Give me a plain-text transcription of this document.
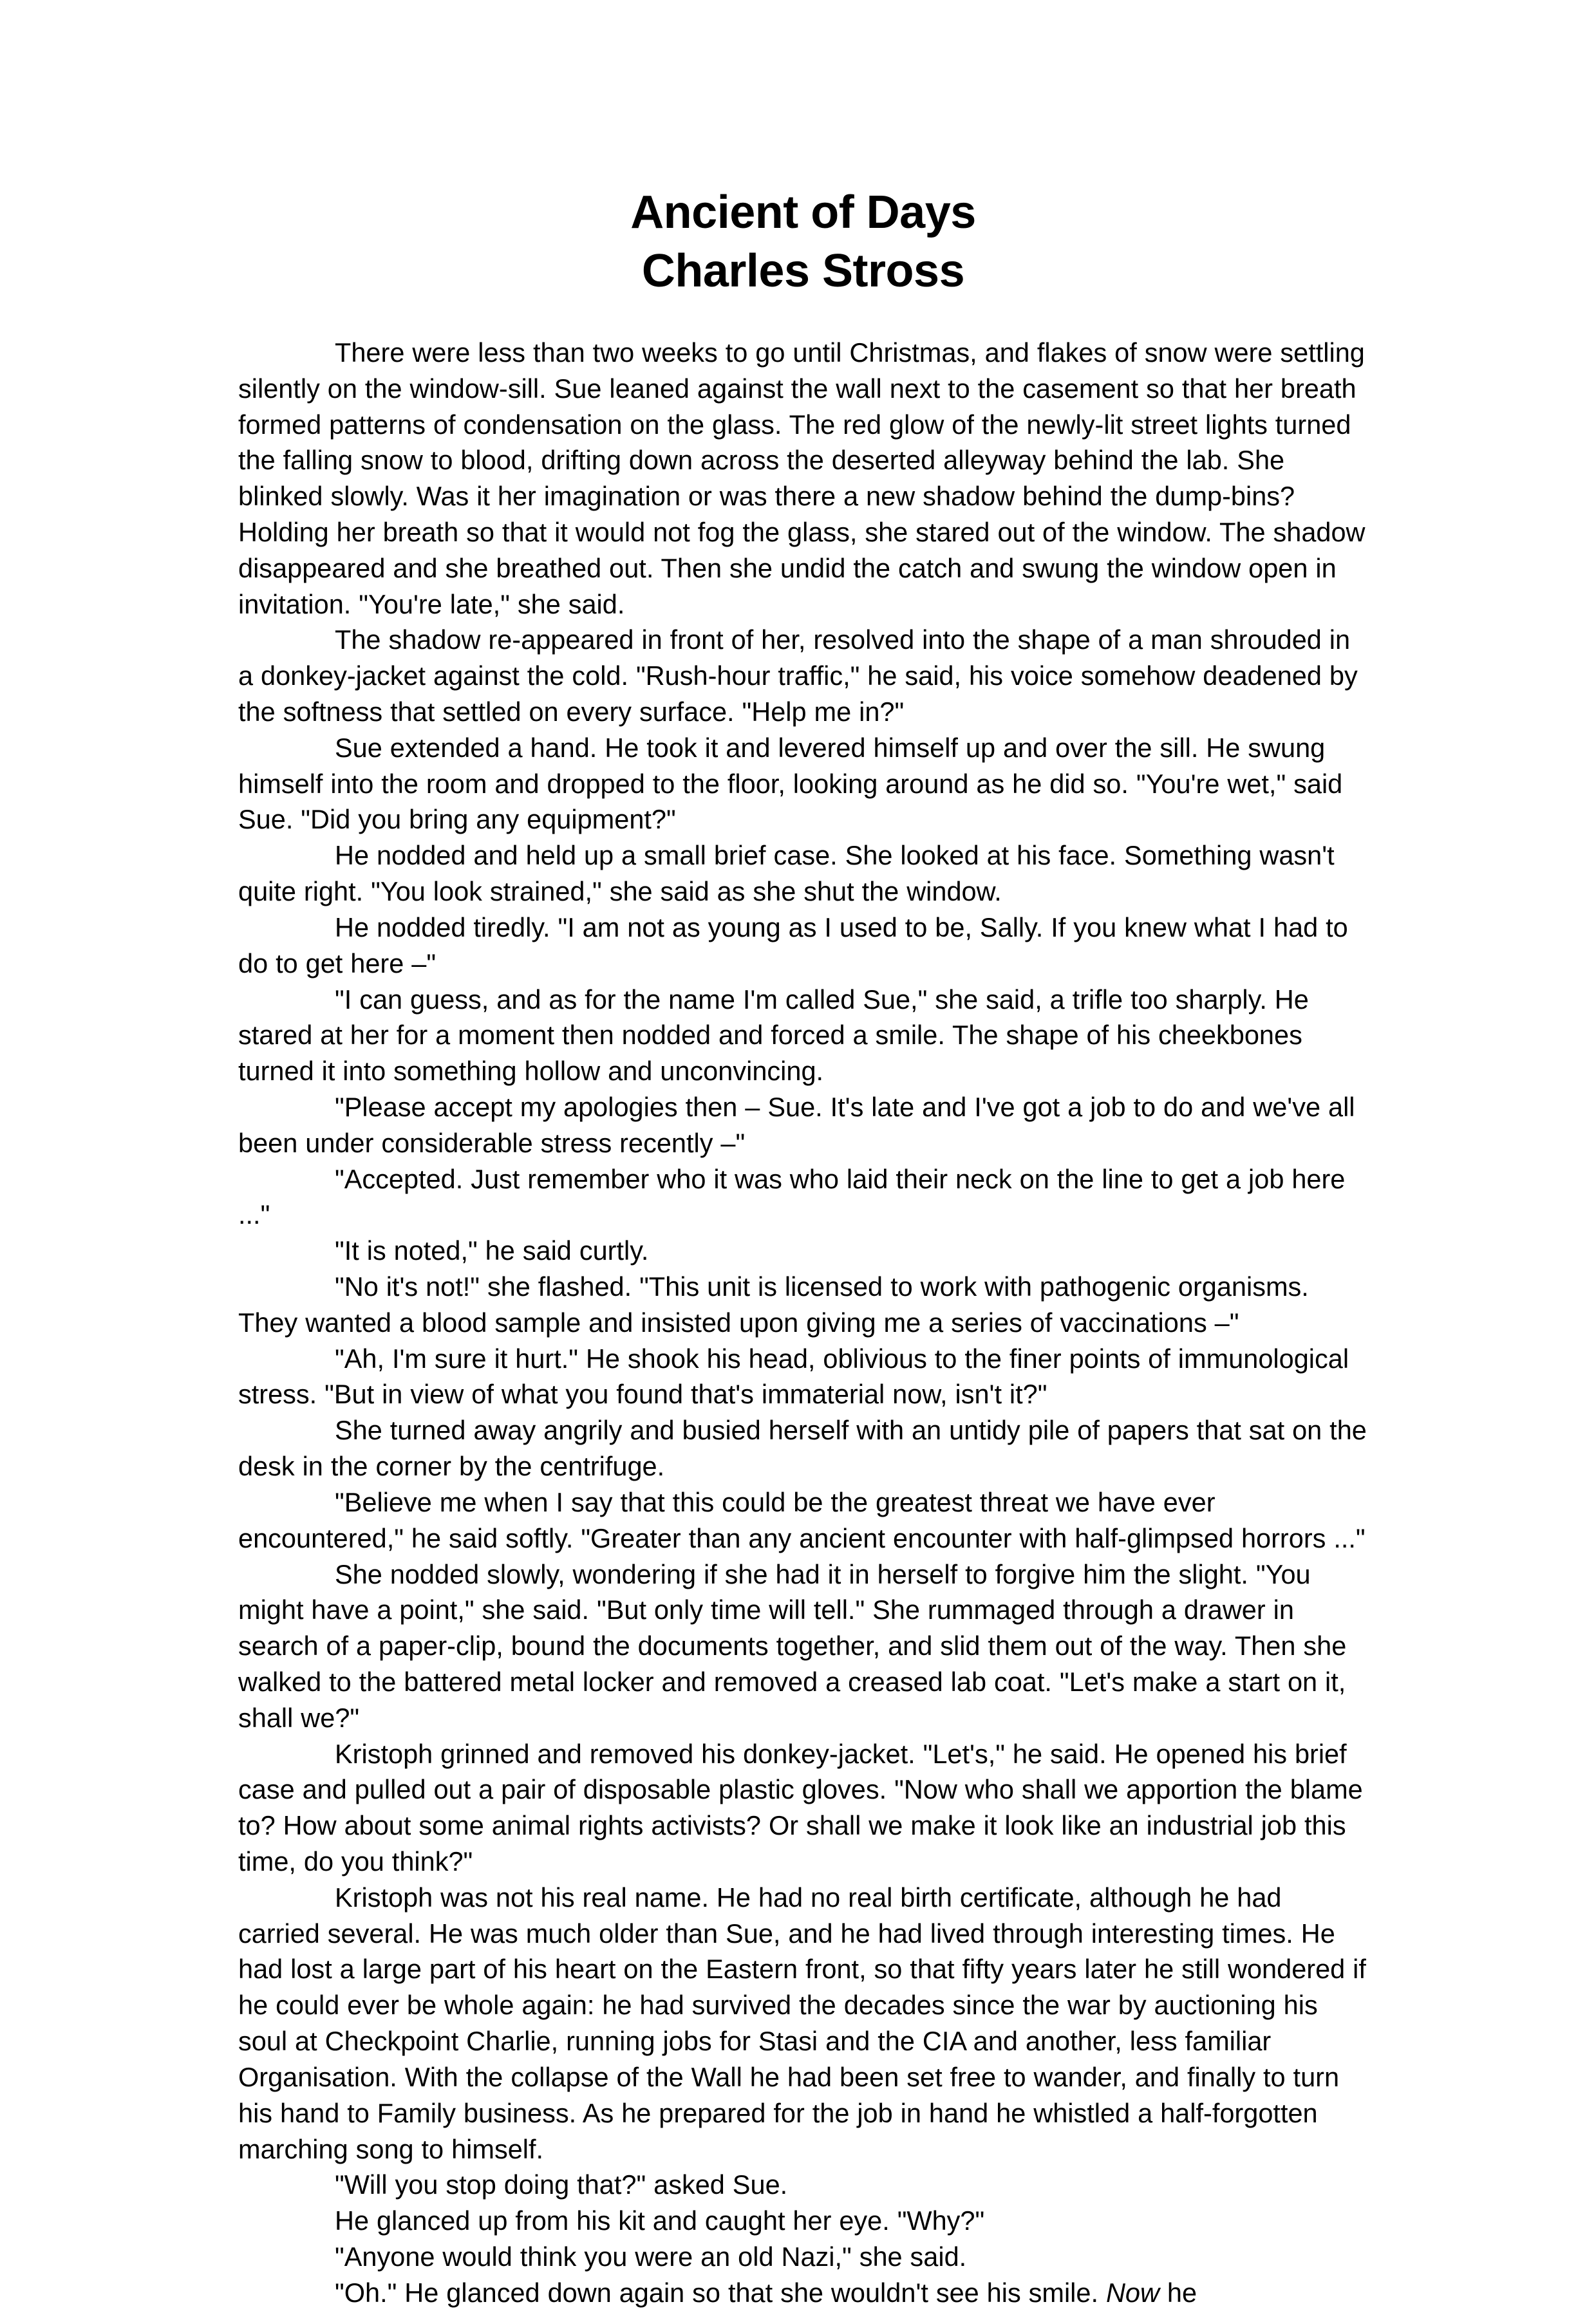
Ancient of Days
Charles Stross

There were less than two weeks to go until Christmas, and flakes of snow were settling silently on the window-sill. Sue leaned against the wall next to the casement so that her breath formed patterns of condensation on the glass. The red glow of the newly-lit street lights turned the falling snow to blood, drifting down across the deserted alleyway behind the lab. She blinked slowly. Was it her imagination or was there a new shadow behind the dump-bins? Holding her breath so that it would not fog the glass, she stared out of the window. The shadow disappeared and she breathed out. Then she undid the catch and swung the window open in invitation. "You're late," she said.

The shadow re-appeared in front of her, resolved into the shape of a man shrouded in a donkey-jacket against the cold. "Rush-hour traffic," he said, his voice somehow deadened by the softness that settled on every surface. "Help me in?"

Sue extended a hand. He took it and levered himself up and over the sill. He swung himself into the room and dropped to the floor, looking around as he did so. "You're wet," said Sue. "Did you bring any equipment?"

He nodded and held up a small brief case. She looked at his face. Something wasn't quite right. "You look strained," she said as she shut the window.

He nodded tiredly. "I am not as young as I used to be, Sally. If you knew what I had to do to get here –"

"I can guess, and as for the name I'm called Sue," she said, a trifle too sharply. He stared at her for a moment then nodded and forced a smile. The shape of his cheekbones turned it into something hollow and unconvincing.

"Please accept my apologies then – Sue. It's late and I've got a job to do and we've all been under considerable stress recently –"

"Accepted. Just remember who it was who laid their neck on the line to get a job here ..."

"It is noted," he said curtly.

"No it's not!" she flashed. "This unit is licensed to work with pathogenic organisms. They wanted a blood sample and insisted upon giving me a series of vaccinations –"

"Ah, I'm sure it hurt." He shook his head, oblivious to the finer points of immunological stress. "But in view of what you found that's immaterial now, isn't it?"

She turned away angrily and busied herself with an untidy pile of papers that sat on the desk in the corner by the centrifuge.

"Believe me when I say that this could be the greatest threat we have ever encountered," he said softly. "Greater than any ancient encounter with half-glimpsed horrors ..."

She nodded slowly, wondering if she had it in herself to forgive him the slight. "You might have a point," she said. "But only time will tell." She rummaged through a drawer in search of a paper-clip, bound the documents together, and slid them out of the way. Then she walked to the battered metal locker and removed a creased lab coat. "Let's make a start on it, shall we?"

Kristoph grinned and removed his donkey-jacket. "Let's," he said. He opened his brief case and pulled out a pair of disposable plastic gloves. "Now who shall we apportion the blame to? How about some animal rights activists? Or shall we make it look like an industrial job this time, do you think?"

Kristoph was not his real name. He had no real birth certificate, although he had carried several. He was much older than Sue, and he had lived through interesting times. He had lost a large part of his heart on the Eastern front, so that fifty years later he still wondered if he could ever be whole again: he had survived the decades since the war by auctioning his soul at Checkpoint Charlie, running jobs for Stasi and the CIA and another, less familiar Organisation. With the collapse of the Wall he had been set free to wander, and finally to turn his hand to Family business. As he prepared for the job in hand he whistled a half-forgotten marching song to himself.

"Will you stop doing that?" asked Sue.

He glanced up from his kit and caught her eye. "Why?"

"Anyone would think you were an old Nazi," she said.

"Oh." He glanced down again so that she wouldn't see his smile. Now he
